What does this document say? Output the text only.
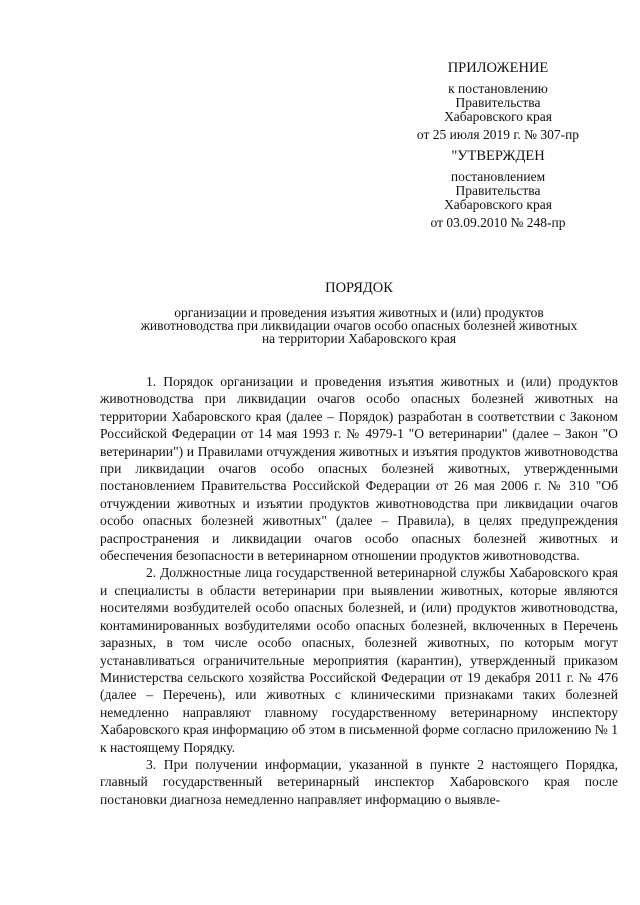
ПРИЛОЖЕНИЕ
к постановлению
Правительства
Хабаровского края
от 25 июля 2019 г. № 307-пр
"УТВЕРЖДЕН
постановлением
Правительства
Хабаровского края
от 03.09.2010 № 248-пр
ПОРЯДОК
организации и проведения изъятия животных и (или) продуктов
животноводства при ликвидации очагов особо опасных болезней животных
на территории Хабаровского края

1. Порядок организации и проведения изъятия животных и (или) продуктов животноводства при ликвидации очагов особо опасных болезней животных на территории Хабаровского края (далее – Порядок) разработан в соответствии с Законом Российской Федерации от 14 мая 1993 г. № 4979-1 "О ветеринарии" (далее – Закон "О ветеринарии") и Правилами отчуждения животных и изъятия продуктов животноводства при ликвидации очагов особо опасных болезней животных, утвержденными постановлением Правительства Российской Федерации от 26 мая 2006 г. № 310 "Об отчуждении животных и изъятии продуктов животноводства при ликвидации очагов особо опасных болезней животных" (далее – Правила), в целях предупреждения распространения и ликвидации очагов особо опасных болезней животных и обеспечения безопасности в ветеринарном отношении продуктов животноводства.

2. Должностные лица государственной ветеринарной службы Хабаровского края и специалисты в области ветеринарии при выявлении животных, которые являются носителями возбудителей особо опасных болезней, и (или) продуктов животноводства, контаминированных возбудителями особо опасных болезней, включенных в Перечень заразных, в том числе особо опасных, болезней животных, по которым могут устанавливаться ограничительные мероприятия (карантин), утвержденный приказом Министерства сельского хозяйства Российской Федерации от 19 декабря 2011 г. № 476 (далее – Перечень), или животных с клиническими признаками таких болезней немедленно направляют главному государственному ветеринарному инспектору Хабаровского края информацию об этом в письменной форме согласно приложению № 1 к настоящему Порядку.

3. При получении информации, указанной в пункте 2 настоящего Порядка, главный государственный ветеринарный инспектор Хабаровского края после постановки диагноза немедленно направляет информацию о выявле-
